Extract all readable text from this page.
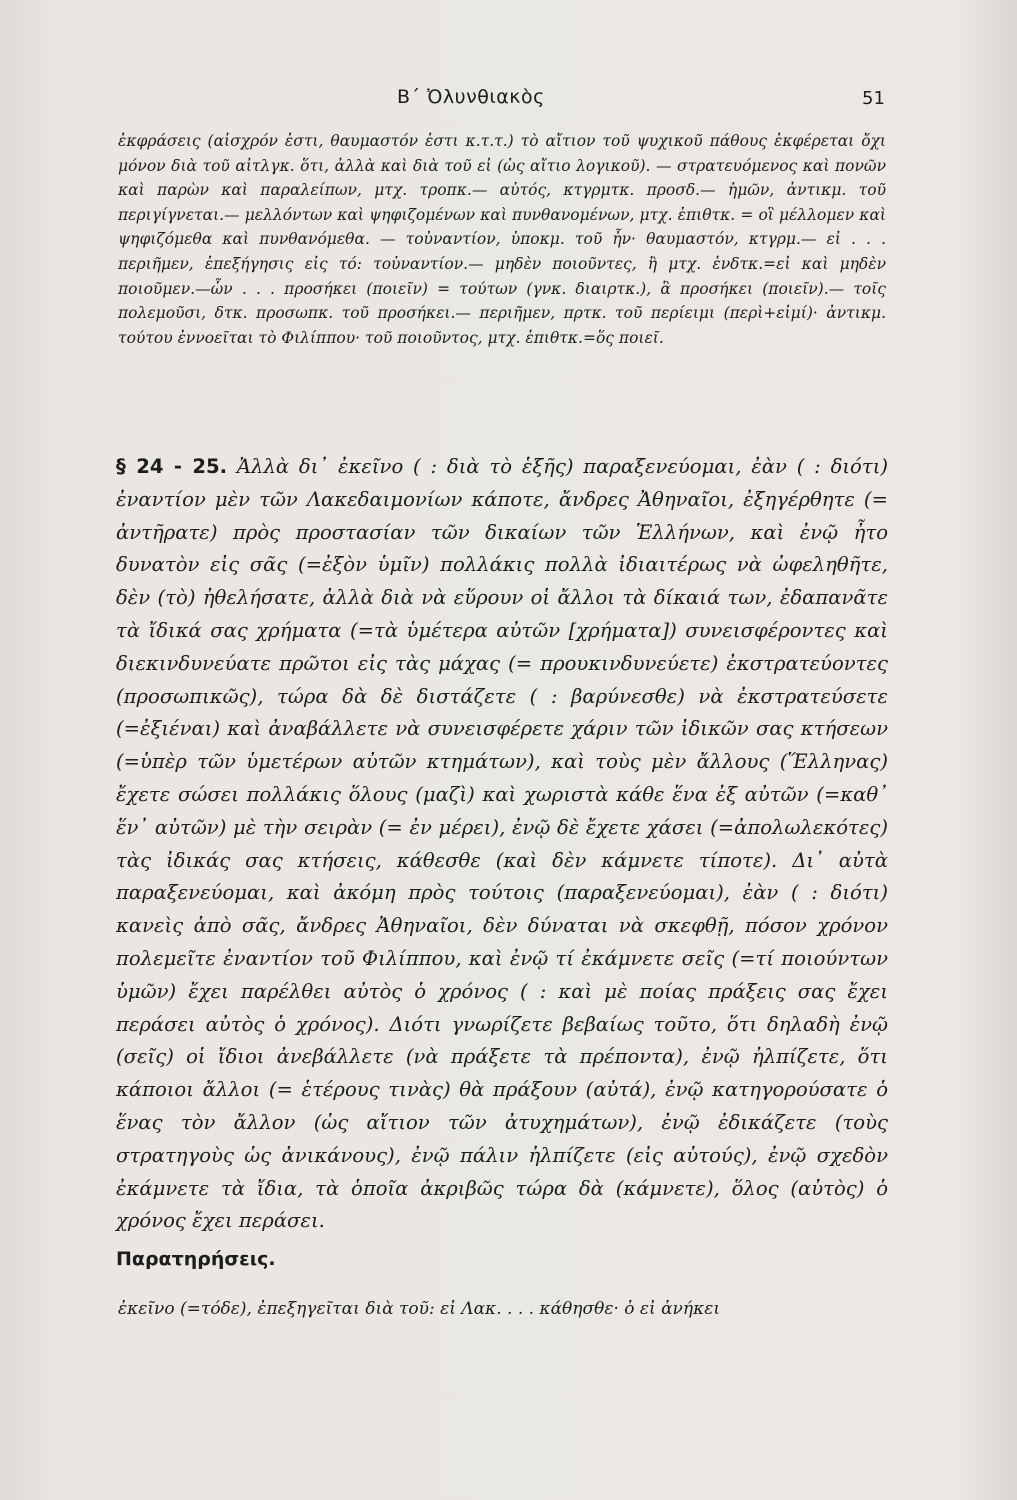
Β΄ Ὀλυνθιακὸς	51

ἐκφράσεις (αἰσχρόν ἐστι, θαυμαστόν ἐστι κ.τ.τ.) τὸ αἴτιον τοῦ ψυχικοῦ πάθους ἐκφέρεται ὄχι μόνον διὰ τοῦ αἰτλγκ. ὅτι, ἀλλὰ καὶ διὰ τοῦ εἰ (ὡς αἴτιο λογικοῦ). — στρατευόμενος καὶ πονῶν καὶ παρὼν καὶ παραλείπων, μτχ. τροπκ.— αὐτός, κτγρμτκ. προσδ.— ἡμῶν, ἀντικμ. τοῦ περιγίγνεται.— μελλόντων καὶ ψηφιζομένων καὶ πυνθανομένων, μτχ. ἐπιθτκ. = οἳ μέλλομεν καὶ ψηφιζόμεθα καὶ πυνθανόμεθα. — τοὐναντίον, ὑποκμ. τοῦ ἦν· θαυμαστόν, κτγρμ.— εἰ . . . περιῆμεν, ἐπεξήγησις εἰς τό: τοὐναντίον.— μηδὲν ποιοῦντες, ἢ μτχ. ἐνδτκ.=εἰ καὶ μηδὲν ποιοῦμεν.—ὧν . . . προσήκει (ποιεῖν) = τούτων (γνκ. διαιρτκ.), ἃ προσήκει (ποιεῖν).— τοῖς πολεμοῦσι, δτκ. προσωπκ. τοῦ προσήκει.— περιῆμεν, πρτκ. τοῦ περίειμι (περὶ+εἰμί)· ἀντικμ. τούτου ἐννοεῖται τὸ Φιλίππου· τοῦ ποιοῦντος, μτχ. ἐπιθτκ.=ὅς ποιεῖ.

§ 24 - 25. Ἀλλὰ δι᾿ ἐκεῖνο ( : διὰ τὸ ἑξῆς) παραξενεύομαι, ἐὰν ( : διότι) ἐναντίον μὲν τῶν Λακεδαιμονίων κάποτε, ἄνδρες Ἀθηναῖοι, ἐξηγέρθητε (= ἀντῆρατε) πρὸς προστασίαν τῶν δικαίων τῶν Ἑλλήνων, καὶ ἐνῷ ἦτο δυνατὸν εἰς σᾶς (=ἐξὸν ὑμῖν) πολλάκις πολλὰ ἰδιαιτέρως νὰ ὠφεληθῆτε, δὲν (τὸ) ἠθελήσατε, ἀλλὰ διὰ νὰ εὕρουν οἱ ἄλλοι τὰ δίκαιά των, ἐδαπανᾶτε τὰ ἴδικά σας χρήματα (=τὰ ὑμέτερα αὐτῶν [χρήματα]) συνεισφέροντες καὶ διεκινδυνεύατε πρῶτοι εἰς τὰς μάχας (= προυκινδυνεύετε) ἐκστρατεύοντες (προσωπικῶς), τώρα δὰ δὲ διστάζετε ( : βαρύνεσθε) νὰ ἐκστρατεύσετε (=ἐξιέναι) καὶ ἀναβάλλετε νὰ συνεισφέρετε χάριν τῶν ἰδικῶν σας κτήσεων (=ὑπὲρ τῶν ὑμετέρων αὐτῶν κτημάτων), καὶ τοὺς μὲν ἄλλους (Ἕλληνας) ἔχετε σώσει πολλάκις ὅλους (μαζὶ) καὶ χωριστὰ κάθε ἕνα ἐξ αὐτῶν (=καθ᾿ ἕν᾿ αὐτῶν) μὲ τὴν σειρὰν (= ἐν μέρει), ἐνῷ δὲ ἔχετε χάσει (=ἀπολωλεκότες) τὰς ἰδικάς σας κτήσεις, κάθεσθε (καὶ δὲν κάμνετε τίποτε). Δι᾿ αὐτὰ παραξενεύομαι, καὶ ἀκόμη πρὸς τούτοις (παραξενεύομαι), ἐὰν ( : διότι) κανεὶς ἀπὸ σᾶς, ἄνδρες Ἀθηναῖοι, δὲν δύναται νὰ σκεφθῇ, πόσον χρόνον πολεμεῖτε ἐναντίον τοῦ Φιλίππου, καὶ ἐνῷ τί ἐκάμνετε σεῖς (=τί ποιούντων ὑμῶν) ἔχει παρέλθει αὐτὸς ὁ χρόνος ( : καὶ μὲ ποίας πράξεις σας ἔχει περάσει αὐτὸς ὁ χρόνος). Διότι γνωρίζετε βεβαίως τοῦτο, ὅτι δηλαδὴ ἐνῷ (σεῖς) οἱ ἴδιοι ἀνεβάλλετε (νὰ πράξετε τὰ πρέποντα), ἐνῷ ἠλπίζετε, ὅτι κάποιοι ἄλλοι (= ἑτέρους τινὰς) θὰ πράξουν (αὐτά), ἐνῷ κατηγορούσατε ὁ ἕνας τὸν ἄλλον (ὡς αἴτιον τῶν ἀτυχημάτων), ἐνῷ ἐδικάζετε (τοὺς στρατηγοὺς ὡς ἀνικάνους), ἐνῷ πάλιν ἠλπίζετε (εἰς αὐτούς), ἐνῷ σχεδὸν ἐκάμνετε τὰ ἴδια, τὰ ὁποῖα ἀκριβῶς τώρα δὰ (κάμνετε), ὅλος (αὐτὸς) ὁ χρόνος ἔχει περάσει.

Παρατηρήσεις.
ἐκεῖνο (=τόδε), ἐπεξηγεῖται διὰ τοῦ: εἰ Λακ. . . . κάθησθε· ὁ εἰ ἀνήκει
